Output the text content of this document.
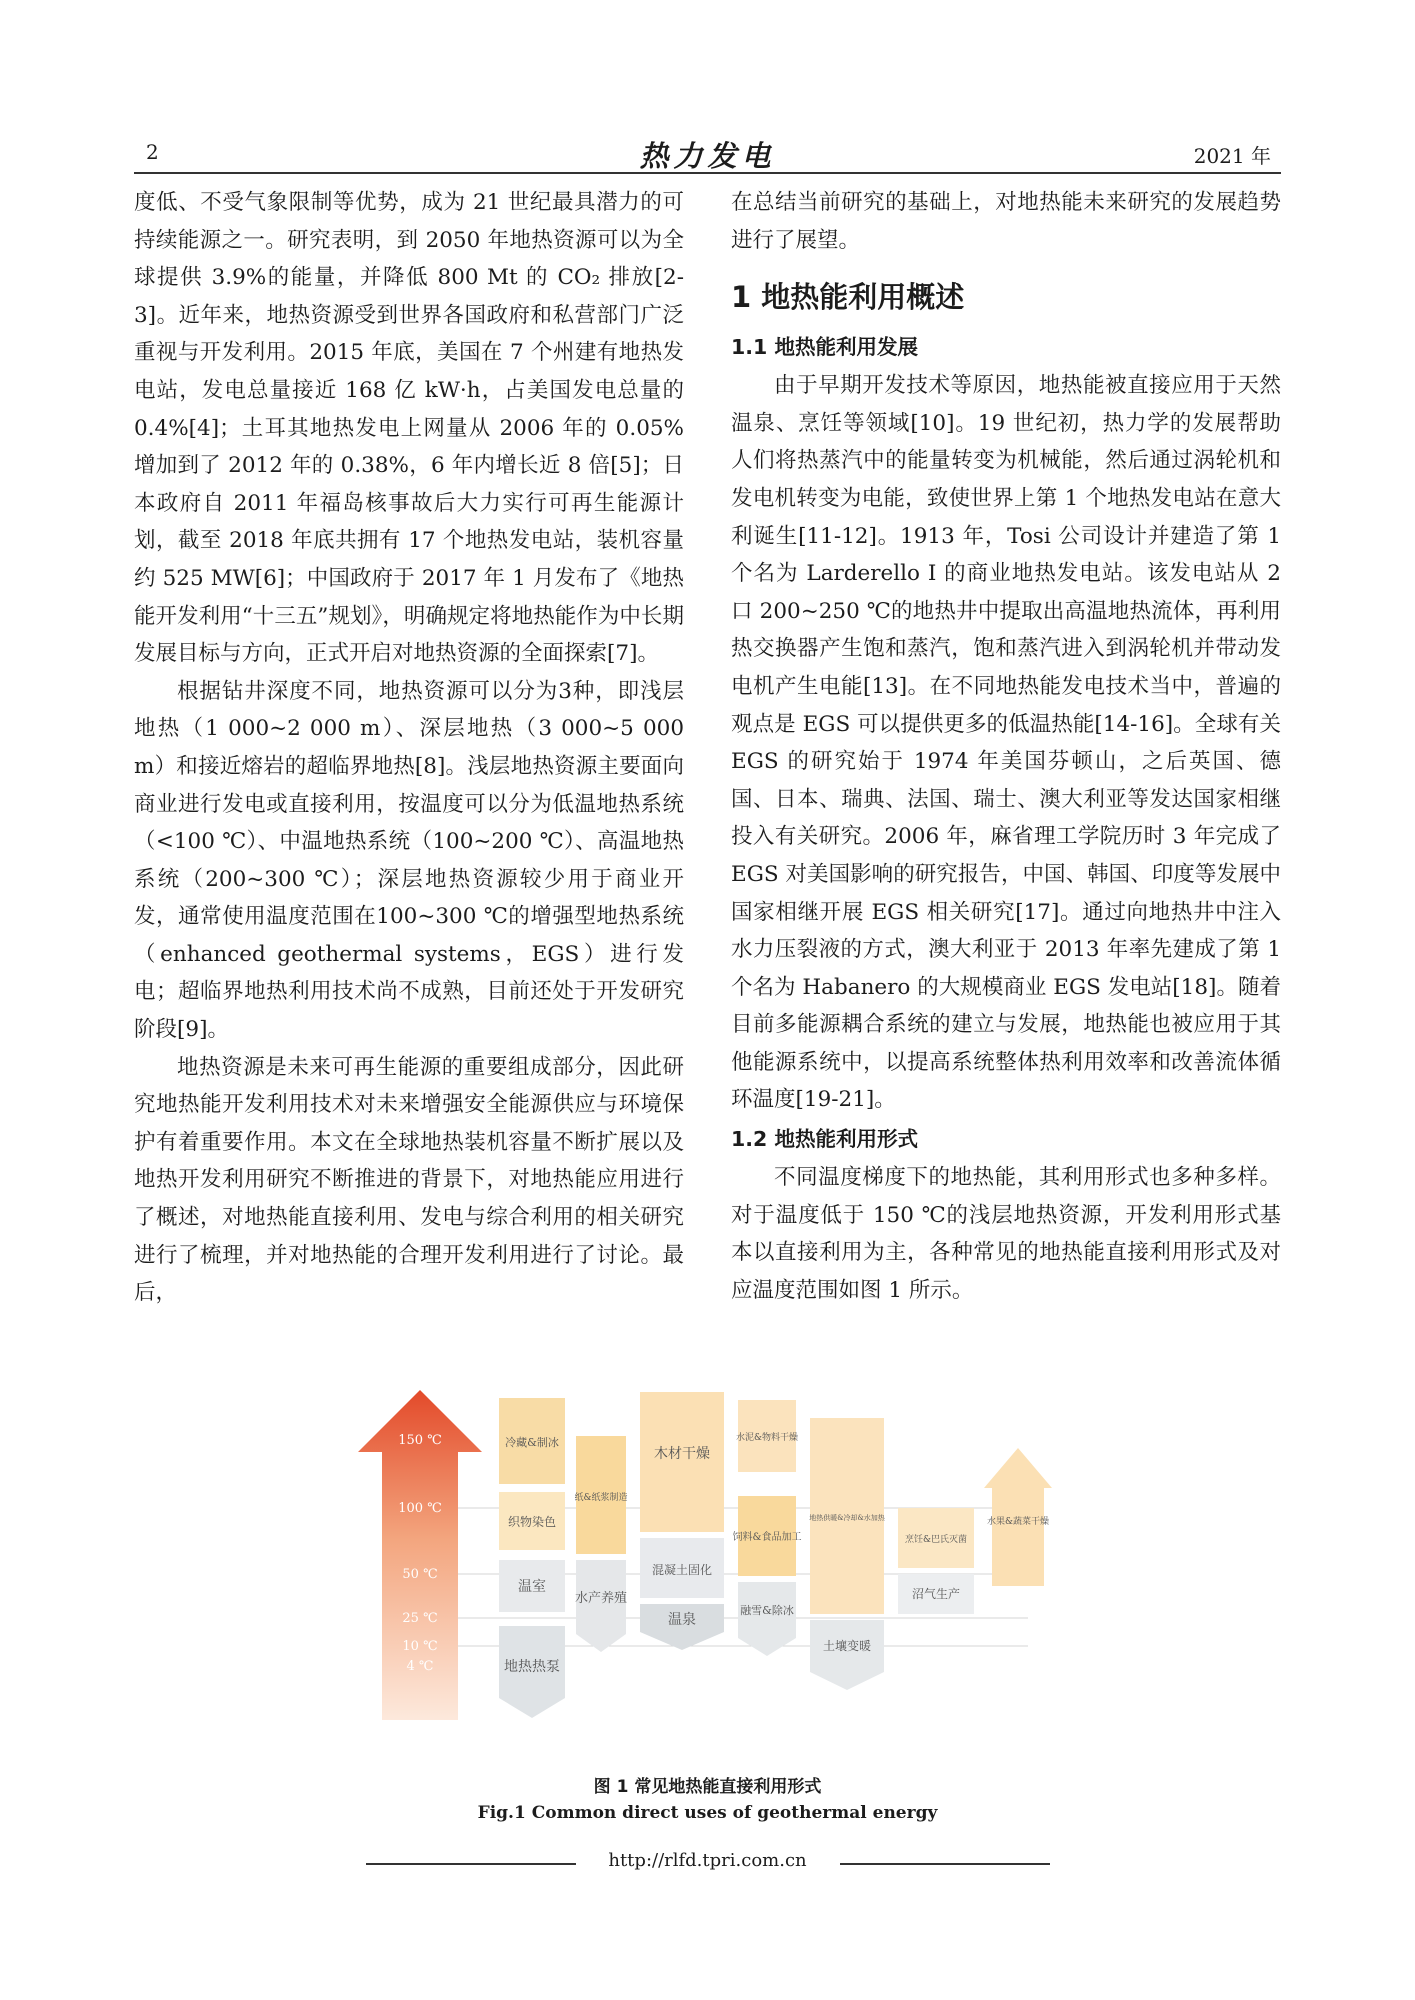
2	热力发电	2021 年

度低、不受气象限制等优势，成为 21 世纪最具潜力的可持续能源之一。研究表明，到 2050 年地热资源可以为全球提供 3.9%的能量，并降低 800 Mt 的 CO₂ 排放[2-3]。近年来，地热资源受到世界各国政府和私营部门广泛重视与开发利用。2015 年底，美国在 7 个州建有地热发电站，发电总量接近 168 亿 kW·h，占美国发电总量的 0.4%[4]；土耳其地热发电上网量从 2006 年的 0.05%增加到了 2012 年的 0.38%，6 年内增长近 8 倍[5]；日本政府自 2011 年福岛核事故后大力实行可再生能源计划，截至 2018 年底共拥有 17 个地热发电站，装机容量约 525 MW[6]；中国政府于 2017 年 1 月发布了《地热能开发利用“十三五”规划》，明确规定将地热能作为中长期发展目标与方向，正式开启对地热资源的全面探索[7]。

根据钻井深度不同，地热资源可以分为3种，即浅层地热（1 000~2 000 m）、深层地热（3 000~5 000 m）和接近熔岩的超临界地热[8]。浅层地热资源主要面向商业进行发电或直接利用，按温度可以分为低温地热系统（<100 ℃）、中温地热系统（100~200 ℃）、高温地热系统（200~300 ℃）；深层地热资源较少用于商业开发，通常使用温度范围在100~300 ℃的增强型地热系统（enhanced geothermal systems，EGS）进行发电；超临界地热利用技术尚不成熟，目前还处于开发研究阶段[9]。

地热资源是未来可再生能源的重要组成部分，因此研究地热能开发利用技术对未来增强安全能源供应与环境保护有着重要作用。本文在全球地热装机容量不断扩展以及地热开发利用研究不断推进的背景下，对地热能应用进行了概述，对地热能直接利用、发电与综合利用的相关研究进行了梳理，并对地热能的合理开发利用进行了讨论。最后，

在总结当前研究的基础上，对地热能未来研究的发展趋势进行了展望。

1 地热能利用概述

1.1 地热能利用发展

由于早期开发技术等原因，地热能被直接应用于天然温泉、烹饪等领域[10]。19 世纪初，热力学的发展帮助人们将热蒸汽中的能量转变为机械能，然后通过涡轮机和发电机转变为电能，致使世界上第 1 个地热发电站在意大利诞生[11-12]。1913 年，Tosi 公司设计并建造了第 1 个名为 Larderello I 的商业地热发电站。该发电站从 2 口 200~250 ℃的地热井中提取出高温地热流体，再利用热交换器产生饱和蒸汽，饱和蒸汽进入到涡轮机并带动发电机产生电能[13]。在不同地热能发电技术当中，普遍的观点是 EGS 可以提供更多的低温热能[14-16]。全球有关 EGS 的研究始于 1974 年美国芬顿山，之后英国、德国、日本、瑞典、法国、瑞士、澳大利亚等发达国家相继投入有关研究。2006 年，麻省理工学院历时 3 年完成了 EGS 对美国影响的研究报告，中国、韩国、印度等发展中国家相继开展 EGS 相关研究[17]。通过向地热井中注入水力压裂液的方式，澳大利亚于 2013 年率先建成了第 1 个名为 Habanero 的大规模商业 EGS 发电站[18]。随着目前多能源耦合系统的建立与发展，地热能也被应用于其他能源系统中，以提高系统整体热利用效率和改善流体循环温度[19-21]。

1.2 地热能利用形式

不同温度梯度下的地热能，其利用形式也多种多样。对于温度低于 150 ℃的浅层地热资源，开发利用形式基本以直接利用为主，各种常见的地热能直接利用形式及对应温度范围如图 1 所示。

150 ℃
100 ℃
50 ℃
25 ℃
10 ℃
4 ℃
冷藏&制冰
织物染色
温室
地热热泵
纸&纸浆制造
水产养殖
木材干燥
混凝土固化
温泉
水泥&物料干燥
饲料&食品加工
融雪&除冰
地热供暖&冷却&水加热
土壤变暖
烹饪&巴氏灭菌
沼气生产
水果&蔬菜干燥
图 1 常见地热能直接利用形式
Fig.1 Common direct uses of geothermal energy
http://rlfd.tpri.com.cn
